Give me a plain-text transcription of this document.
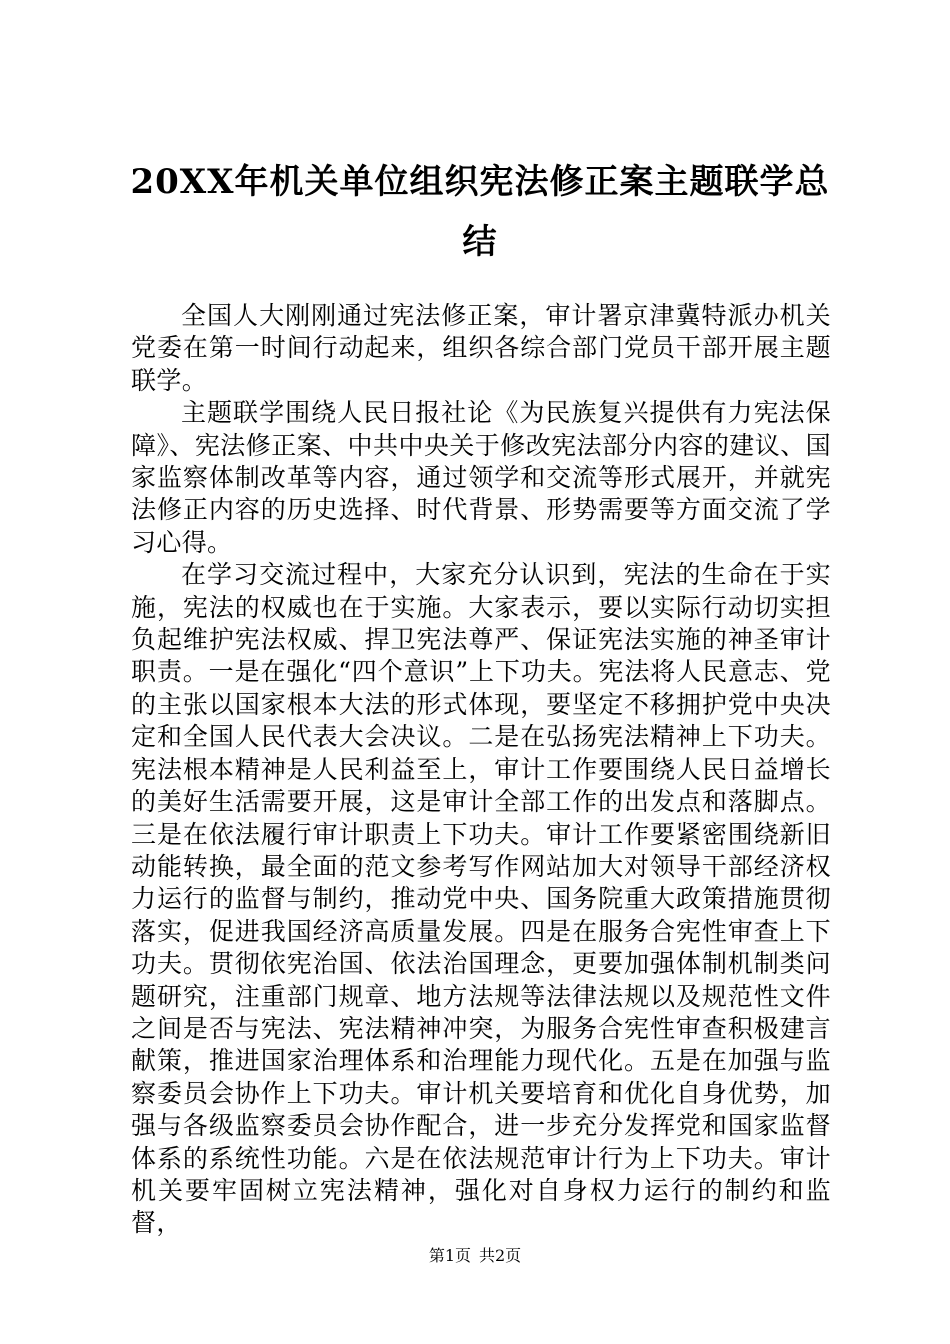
20XX年机关单位组织宪法修正案主题联学总
结

全国人大刚刚通过宪法修正案，审计署京津冀特派办机关党委在第一时间行动起来，组织各综合部门党员干部开展主题联学。

主题联学围绕人民日报社论《为民族复兴提供有力宪法保障》、宪法修正案、中共中央关于修改宪法部分内容的建议、国家监察体制改革等内容，通过领学和交流等形式展开，并就宪法修正内容的历史选择、时代背景、形势需要等方面交流了学习心得。

在学习交流过程中，大家充分认识到，宪法的生命在于实施，宪法的权威也在于实施。大家表示，要以实际行动切实担负起维护宪法权威、捍卫宪法尊严、保证宪法实施的神圣审计职责。一是在强化“四个意识”上下功夫。宪法将人民意志、党的主张以国家根本大法的形式体现，要坚定不移拥护党中央决定和全国人民代表大会决议。二是在弘扬宪法精神上下功夫。宪法根本精神是人民利益至上，审计工作要围绕人民日益增长的美好生活需要开展，这是审计全部工作的出发点和落脚点。三是在依法履行审计职责上下功夫。审计工作要紧密围绕新旧动能转换，最全面的范文参考写作网站加大对领导干部经济权力运行的监督与制约，推动党中央、国务院重大政策措施贯彻落实，促进我国经济高质量发展。四是在服务合宪性审查上下功夫。贯彻依宪治国、依法治国理念，更要加强体制机制类问题研究，注重部门规章、地方法规等法律法规以及规范性文件之间是否与宪法、宪法精神冲突，为服务合宪性审查积极建言献策，推进国家治理体系和治理能力现代化。五是在加强与监察委员会协作上下功夫。审计机关要培育和优化自身优势，加强与各级监察委员会协作配合，进一步充分发挥党和国家监督体系的系统性功能。六是在依法规范审计行为上下功夫。审计机关要牢固树立宪法精神，强化对自身权力运行的制约和监督，

第1页 共2页
